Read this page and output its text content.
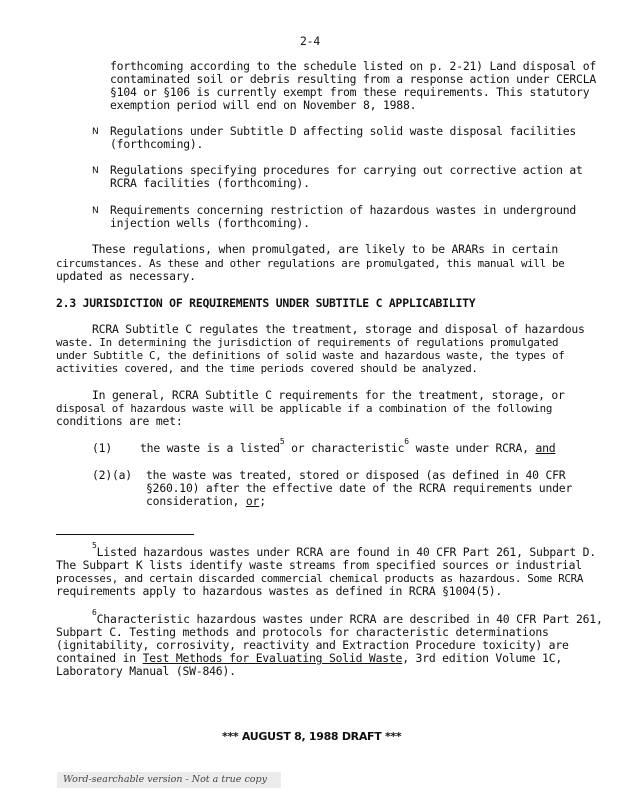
2-4
forthcoming according to the schedule listed on p. 2-21) Land disposal of
contaminated soil or debris resulting from a response action under CERCLA
§104 or §106 is currently exempt from these requirements. This statutory
exemption period will end on November 8, 1988.
N Regulations under Subtitle D affecting solid waste disposal facilities
(forthcoming).
N Regulations specifying procedures for carrying out corrective action at
RCRA facilities (forthcoming).
N Requirements concerning restriction of hazardous wastes in underground
injection wells (forthcoming).
These regulations, when promulgated, are likely to be ARARs in certain
circumstances. As these and other regulations are promulgated, this manual will be
updated as necessary.
2.3 JURISDICTION OF REQUIREMENTS UNDER SUBTITLE C APPLICABILITY
RCRA Subtitle C regulates the treatment, storage and disposal of hazardous
waste. In determining the jurisdiction of requirements of regulations promulgated
under Subtitle C, the definitions of solid waste and hazardous waste, the types of
activities covered, and the time periods covered should be analyzed.
In general, RCRA Subtitle C requirements for the treatment, storage, or
disposal of hazardous waste will be applicable if a combination of the following
conditions are met:
(1) the waste is a listed$^5$ or characteristic$^6$ waste under RCRA, and
(2)(a) the waste was treated, stored or disposed (as defined in 40 CFR
§260.10) after the effective date of the RCRA requirements under
consideration, or;
$^5$Listed hazardous wastes under RCRA are found in 40 CFR Part 261, Subpart D.
The Subpart K lists identify waste streams from specified sources or industrial
processes, and certain discarded commercial chemical products as hazardous. Some RCRA
requirements apply to hazardous wastes as defined in RCRA §1004(5).
$^6$Characteristic hazardous wastes under RCRA are described in 40 CFR Part 261,
Subpart C. Testing methods and protocols for characteristic determinations
(ignitability, corrosivity, reactivity and Extraction Procedure toxicity) are
contained in Test Methods for Evaluating Solid Waste, 3rd edition Volume 1C,
Laboratory Manual (SW-846).
*** AUGUST 8, 1988 DRAFT ***
Word-searchable version - Not a true copy
